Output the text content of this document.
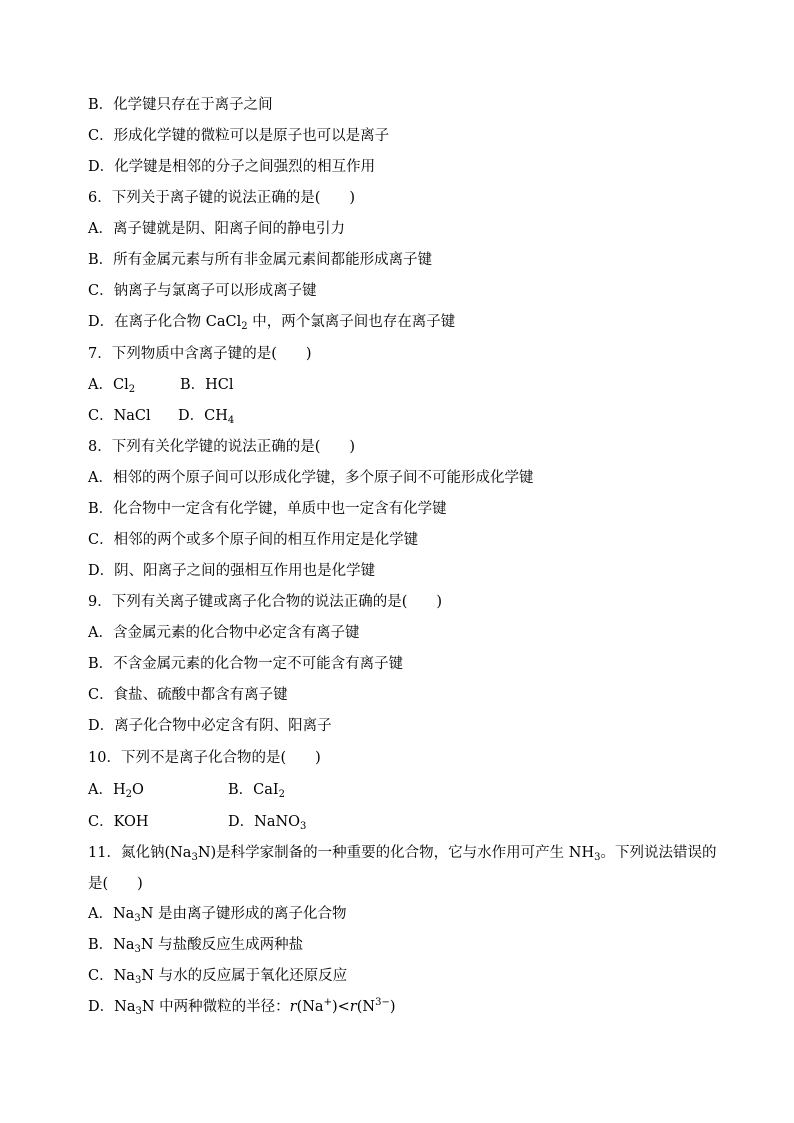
B．化学键只存在于离子之间
C．形成化学键的微粒可以是原子也可以是离子
D．化学键是相邻的分子之间强烈的相互作用
6．下列关于离子键的说法正确的是(　　)
A．离子键就是阴、阳离子间的静电引力
B．所有金属元素与所有非金属元素间都能形成离子键
C．钠离子与氯离子可以形成离子键
D．在离子化合物 CaCl$_2$ 中，两个氯离子间也存在离子键
7．下列物质中含离子键的是(　　)
A．$Cl_2$	B．HCl
C．NaCl D．$CH_4$
8．下列有关化学键的说法正确的是(　　)
A．相邻的两个原子间可以形成化学键，多个原子间不可能形成化学键
B．化合物中一定含有化学键，单质中也一定含有化学键
C．相邻的两个或多个原子间的相互作用定是化学键
D．阴、阳离子之间的强相互作用也是化学键
9．下列有关离子键或离子化合物的说法正确的是(　　)
A．含金属元素的化合物中必定含有离子键
B．不含金属元素的化合物一定不可能含有离子键
C．食盐、硫酸中都含有离子键
D．离子化合物中必定含有阴、阳离子
10．下列不是离子化合物的是(　　)
A．$H_2O$	B．CaI$_2$
C．KOH	D．NaNO$_3$
11．氮化钠$(Na_3N)$是科学家制备的一种重要的化合物，它与水作用可产生 $NH_3$。下列说法错误的是(　　)
A．$Na_3N$ 是由离子键形成的离子化合物
B．$Na_3N$ 与盐酸反应生成两种盐
C．$Na_3N$ 与水的反应属于氧化还原反应
D．$Na_3N$ 中两种微粒的半径：$r(Na^+)<r(N^{3-})$
